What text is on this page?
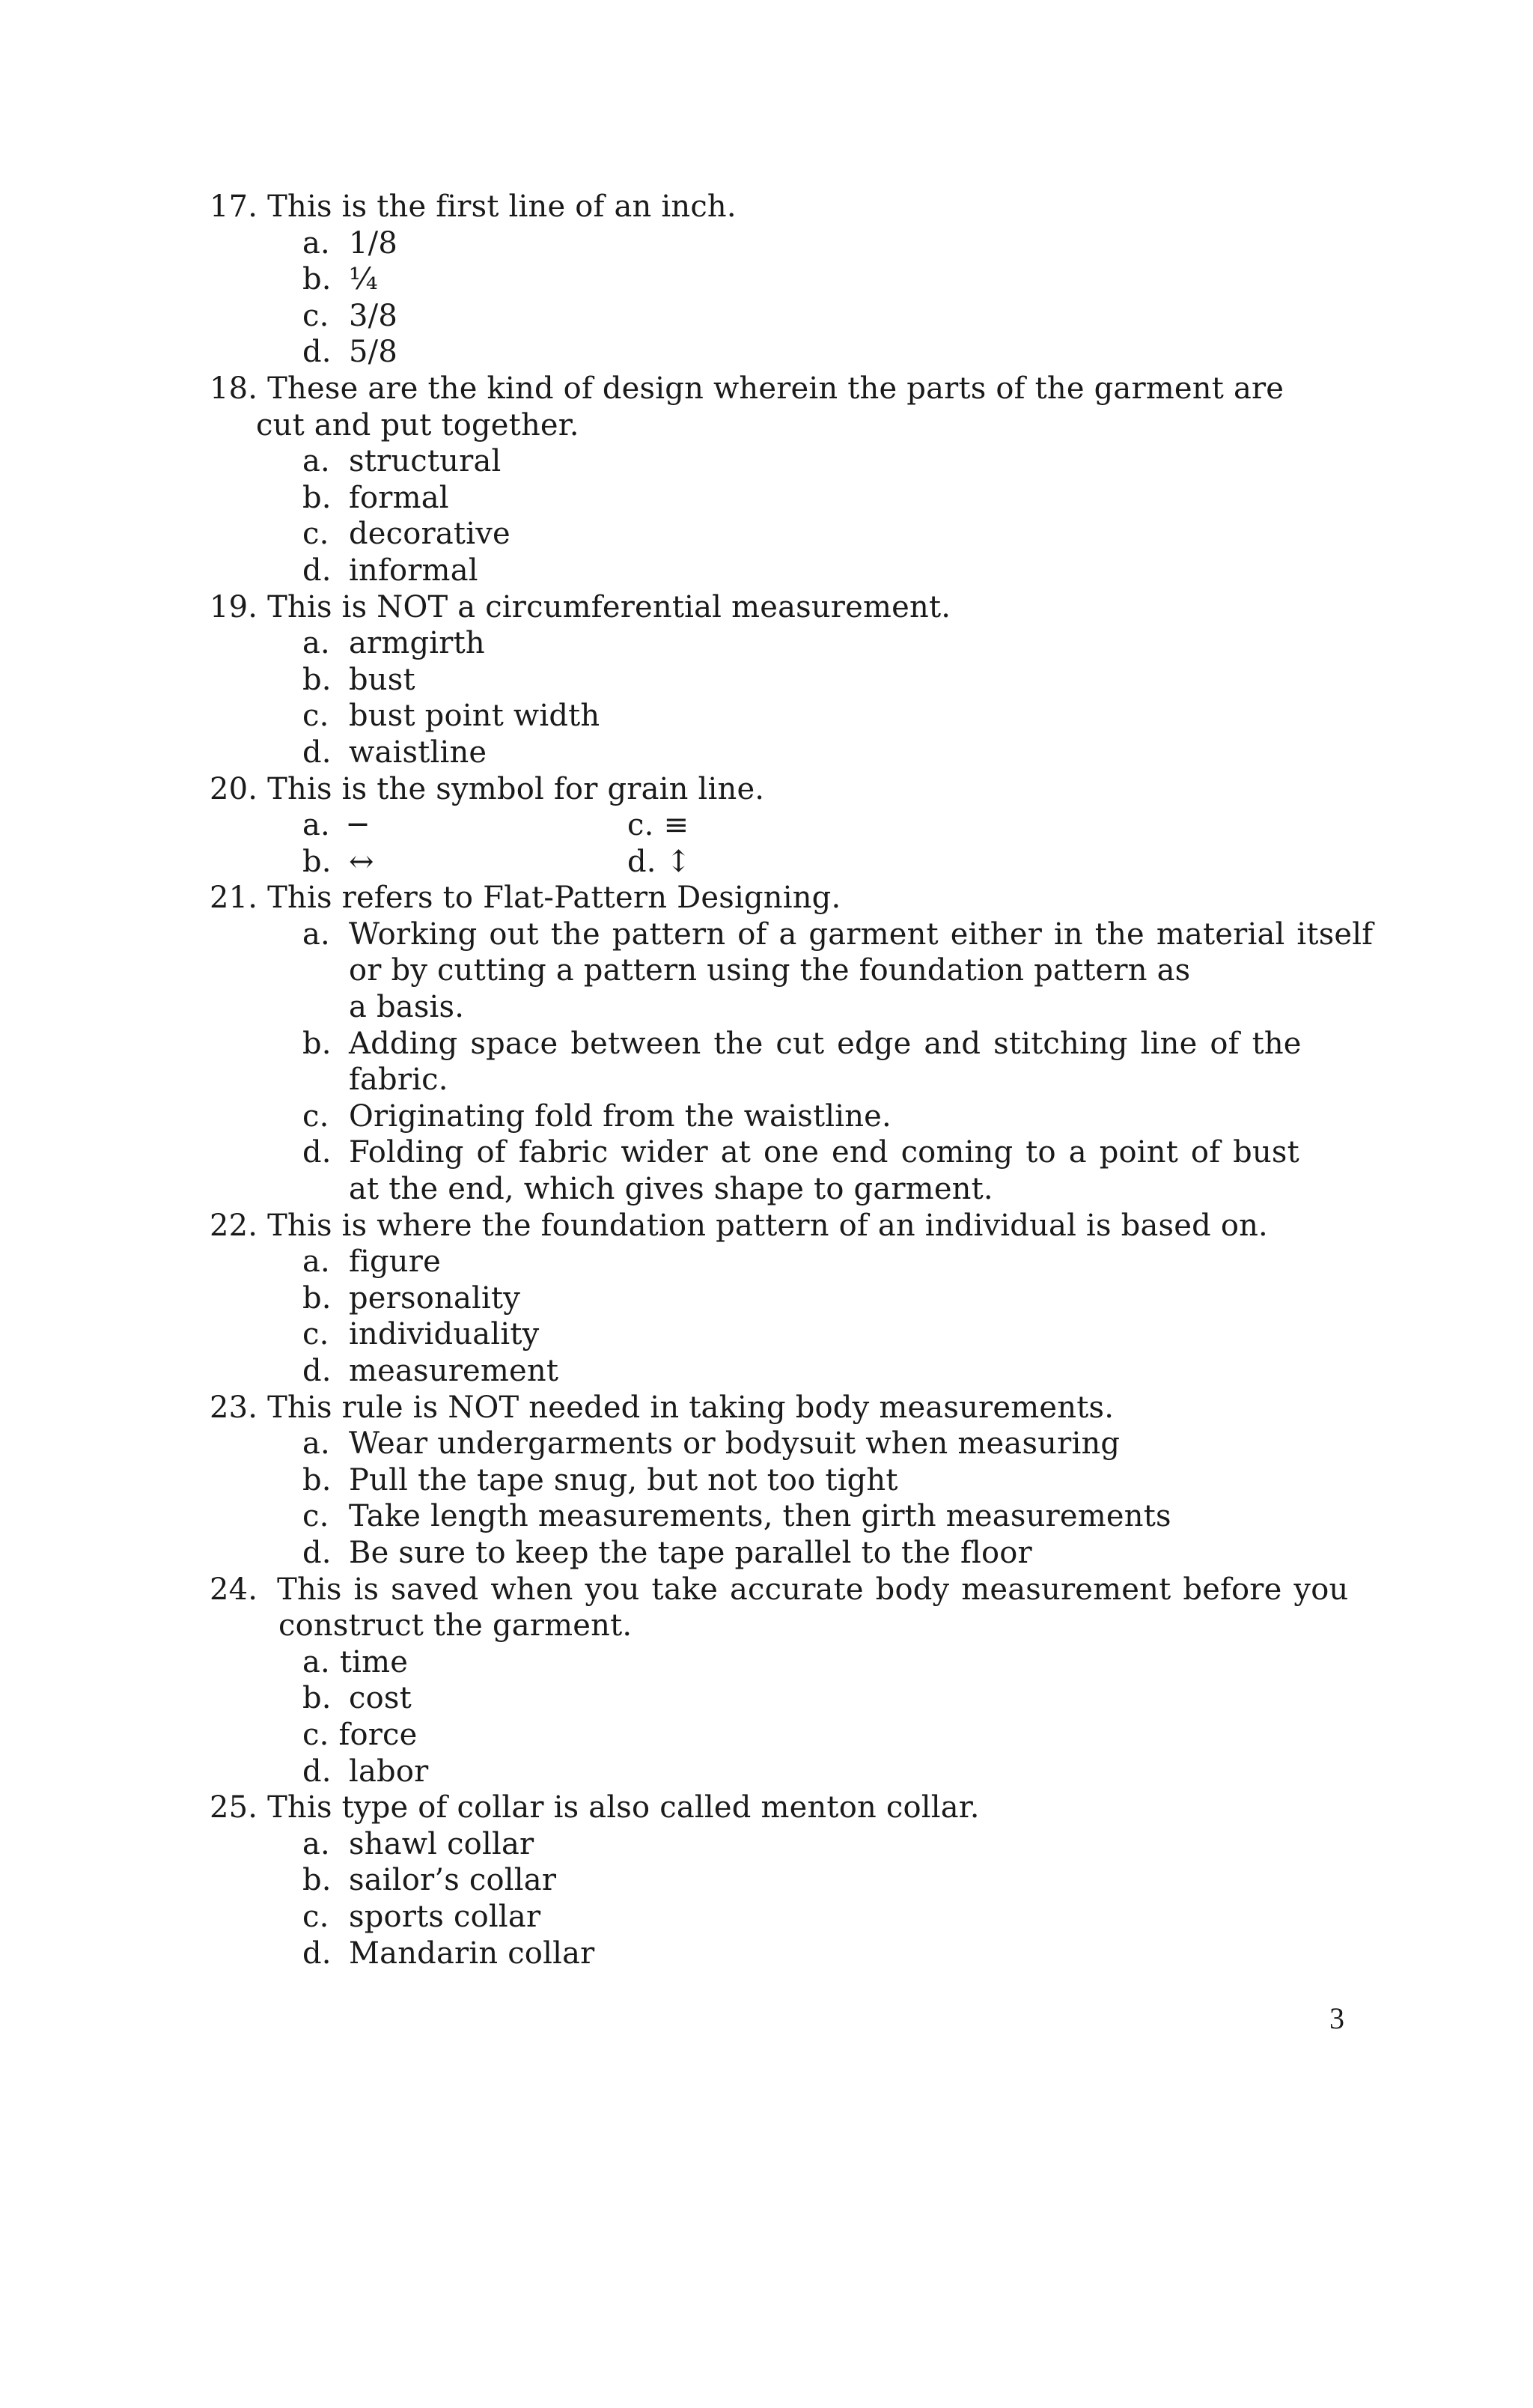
17. This is the first line of an inch.
a. 1/8
b. ¼
c. 3/8
d. 5/8
18.
These are the kind of design wherein the parts of the garment are
cut and put together.
a. structural
b. formal
c. decorative
d. informal
19. This is NOT a circumferential measurement.
a. armgirth
b. bust
c. bust point width
d. waistline
20. This is the symbol for grain line.
a. ─	c. ≡
b. ↔	d. ↕
21. This refers to Flat-Pattern Designing.
a. Working out the pattern of a garment either in the material itself
or by cutting a pattern using the foundation pattern as
a basis.
b. Adding space between the cut edge and stitching line of the
fabric.
c. Originating fold from the waistline.
d. Folding of fabric wider at one end coming to a point of bust
at the end, which gives shape to garment.
22. This is where the foundation pattern of an individual is based on.
a. figure
b. personality
c. individuality
d. measurement
23. This rule is NOT needed in taking body measurements.
a. Wear undergarments or bodysuit when measuring
b. Pull the tape snug, but not too tight
c. Take length measurements, then girth measurements
d. Be sure to keep the tape parallel to the floor
24. This is saved when you take accurate body measurement before you
construct the garment.
a. time
b. cost
c. force
d. labor
25. This type of collar is also called menton collar.
a. shawl collar
b. sailor’s collar
c. sports collar
d. Mandarin collar
3
